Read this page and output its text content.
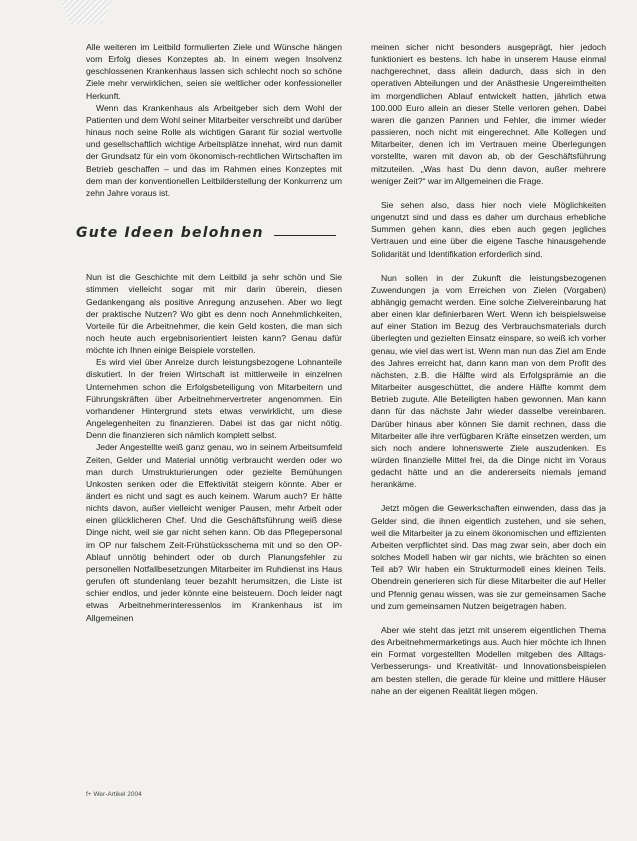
Alle weiteren im Leitbild formulierten Ziele und Wünsche hängen vom Erfolg dieses Konzeptes ab. In einem wegen Insolvenz geschlossenen Krankenhaus lassen sich schlecht noch so schöne Ziele mehr verwirklichen, seien sie weltlicher oder konfessioneller Herkunft.

Wenn das Krankenhaus als Arbeitgeber sich dem Wohl der Patienten und dem Wohl seiner Mitarbeiter verschreibt und darüber hinaus noch seine Rolle als wichtigen Garant für sozial wertvolle und gesellschaftlich wichtige Arbeitsplätze innehat, wird nun damit der Grundsatz für ein vom ökonomisch-rechtlichen Wirtschaften im Betrieb geschaffen – und das im Rahmen eines Konzeptes mit dem man der konventionellen Leitbilderstellung der Konkurrenz um zehn Jahre voraus ist.

Gute Ideen belohnen

Nun ist die Geschichte mit dem Leitbild ja sehr schön und Sie stimmen vielleicht sogar mit mir darin überein, diesen Gedankengang als positive Anregung anzusehen. Aber wo liegt der praktische Nutzen? Wo gibt es denn noch Annehmlichkeiten, Vorteile für die Arbeitnehmer, die kein Geld kosten, die man sich noch heute auch ergebnisorientiert leisten kann? Genau dafür möchte ich Ihnen einige Beispiele vorstellen.

Es wird viel über Anreize durch leistungsbezogene Lohnanteile diskutiert. In der freien Wirtschaft ist mittlerweile in einzelnen Unternehmen schon die Erfolgsbeteiligung von Mitarbeitern und Führungskräften über Arbeitnehmervertreter angenommen. Ein vorhandener Hintergrund stets etwas verwirklicht, um diese Angelegenheiten zu finanzieren. Dabei ist das gar nicht nötig. Denn die finanzieren sich nämlich komplett selbst.

Jeder Angestellte weiß ganz genau, wo in seinem Arbeitsumfeld Zeiten, Gelder und Material unnötig verbraucht werden oder wo man durch Umstrukturierungen oder gezielte Bemühungen Unkosten senken oder die Effektivität steigern könnte. Aber er ändert es nicht und sagt es auch keinem. Warum auch? Er hätte nichts davon, außer vielleicht weniger Pausen, mehr Arbeit oder einen glücklicheren Chef. Und die Geschäftsführung weiß diese Dinge nicht, weil sie gar nicht sehen kann. Ob das Pflegepersonal im OP nur falschem Zeit-Frühstücksschema mit und so den OP-Ablauf unnötig behindert oder ob durch Planungsfehler zu personellen Notfallbesetzungen Mitarbeiter im Ruhdienst ins Haus gerufen oft stundenlang teuer bezahlt herumsitzen, die Liste ist schier endlos, und jeder könnte eine beisteuern. Doch leider nagt etwas Arbeitnehmerinteressenlos im Krankenhaus ist im Allgemeinen

meinen sicher nicht besonders ausgeprägt, hier jedoch funktioniert es bestens. Ich habe in unserem Hause einmal nachgerechnet, dass allein dadurch, dass sich in den operativen Abteilungen und der Anästhesie Ungereimtheiten im morgendlichen Ablauf entwickelt hatten, jährlich etwa 100.000 Euro allein an dieser Stelle verloren gehen. Dabei waren die ganzen Pannen und Fehler, die immer wieder passieren, noch nicht mit eingerechnet. Alle Kollegen und Mitarbeiter, denen ich im Vertrauen meine Überlegungen vorstellte, waren mit davon ab, ob der Geschäftsführung mitzuteilen. „Was hast Du denn davon, außer mehrere weniger Zeit?“ war im Allgemeinen die Frage.

Sie sehen also, dass hier noch viele Möglichkeiten ungenutzt sind und dass es daher um durchaus erhebliche Summen gehen kann, dies eben auch gegen jegliches Vertrauen und eine über die eigene Tasche hinausgehende Solidarität und Identifikation erforderlich sind.

Nun sollen in der Zukunft die leistungsbezogenen Zuwendungen ja vom Erreichen von Zielen (Vorgaben) abhängig gemacht werden. Eine solche Zielvereinbarung hat aber einen klar definierbaren Wert. Wenn ich beispielsweise auf einer Station im Bezug des Verbrauchsmaterials durch überlegten und gezielten Einsatz einspare, so weiß ich vorher genau, wie viel das wert ist. Wenn man nun das Ziel am Ende des Jahres erreicht hat, dann kann man von dem Profit des nächsten, z.B. die Hälfte wird als Erfolgsprämie an die Mitarbeiter ausgeschüttet, die andere Hälfte kommt dem Betrieb zugute. Alle Beteiligten haben gewonnen. Man kann dann für das nächste Jahr wieder dasselbe vereinbaren. Darüber hinaus aber können Sie damit rechnen, dass die Mitarbeiter alle ihre verfügbaren Kräfte einsetzen werden, um sich noch andere lohnenswerte Ziele auszudenken. Es würden finanzielle Mittel frei, da die Dinge nicht im Voraus gedacht hätte und an die andererseits niemals jemand herankäme.

Jetzt mögen die Gewerkschaften einwenden, dass das ja Gelder sind, die ihnen eigentlich zustehen, und sie sehen, weil die Mitarbeiter ja zu einem ökonomischen und effizienten Arbeiten verpflichtet sind. Das mag zwar sein, aber doch ein solches Modell haben wir gar nichts, wie brächten so einen Teil ab? Wir haben ein Strukturmodell eines kleinen Teils. Obendrein generieren sich für diese Mitarbeiter die auf Heller und Pfennig genau wissen, was sie zur gemeinsamen Sache und zum gemeinsamen Nutzen beigetragen haben.

Aber wie steht das jetzt mit unserem eigentlichen Thema des Arbeitnehmermarketings aus. Auch hier möchte ich Ihnen ein Format vorgestellten Modellen mitgeben des Alltags-Verbesserungs- und Kreativität- und Innovationsbeispielen am besten stellen, die gerade für kleine und mittlere Häuser nahe an der eigenen Realität liegen mögen.

f+ Wer-Artikel 2004
